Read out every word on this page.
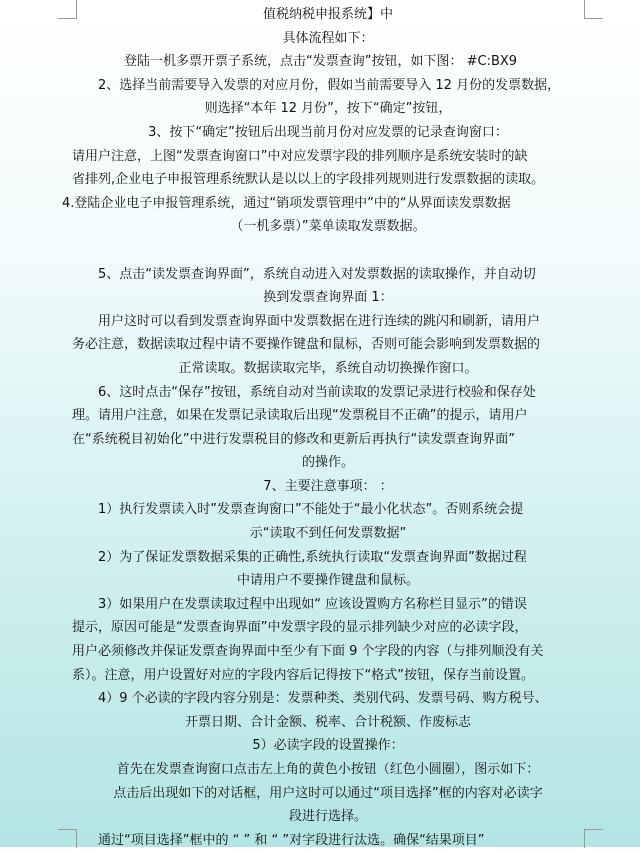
值税纳税申报系统】中

具体流程如下：

登陆一机多票开票子系统，点击“发票查询”按钮，如下图： #C:BX9

2、选择当前需要导入发票的对应月份，假如当前需要导入 12 月份的发票数据，

则选择“本年 12 月份”，按下“确定”按钮，

3、按下“确定”按钮后出现当前月份对应发票的记录查询窗口：

请用户注意，上图“发票查询窗口”中对应发票字段的排列顺序是系统安装时的缺

省排列,企业电子申报管理系统默认是以以上的字段排列规则进行发票数据的读取。

4.登陆企业电子申报管理系统，通过“销项发票管理中”中的“从界面读发票数据

（一机多票）”菜单读取发票数据。

5、点击“读发票查询界面”，系统自动进入对发票数据的读取操作，并自动切

换到发票查询界面 1：

用户这时可以看到发票查询界面中发票数据在进行连续的跳闪和刷新，请用户

务必注意，数据读取过程中请不要操作键盘和鼠标，否则可能会影响到发票数据的

正常读取。数据读取完毕，系统自动切换操作窗口。

6、这时点击“保存”按钮，系统自动对当前读取的发票记录进行校验和保存处

理。请用户注意，如果在发票记录读取后出现“发票税目不正确”的提示，请用户

在“系统税目初始化”中进行发票税目的修改和更新后再执行“读发票查询界面”

的操作。

7、主要注意事项： ：

1）执行发票读入时”发票查询窗口”不能处于“最小化状态”。否则系统会提

示“读取不到任何发票数据”

2）为了保证发票数据采集的正确性,系统执行读取“发票查询界面”数据过程

中请用户不要操作键盘和鼠标。

3）如果用户在发票读取过程中出现如“ 应该设置购方名称栏目显示”的错误

提示，原因可能是“发票查询界面”中发票字段的显示排列缺少对应的必读字段，

用户必须修改并保证发票查询界面中至少有下面 9 个字段的内容（与排列顺没有关

系）。注意，用户设置好对应的字段内容后记得按下“格式”按钮，保存当前设置。

4）9 个必读的字段内容分别是：发票种类、类别代码、发票号码、购方税号、

开票日期、合计金额、税率、合计税额、作废标志

5）必读字段的设置操作：

首先在发票查询窗口点击左上角的黄色小按钮（红色小圆圈），图示如下：

点击后出现如下的对话框，用户这时可以通过“项目选择”框的内容对必读字

段进行选择。

通过“项目选择”框中的 “ ” 和 “ ”对字段进行汰选。确保“结果项目”
